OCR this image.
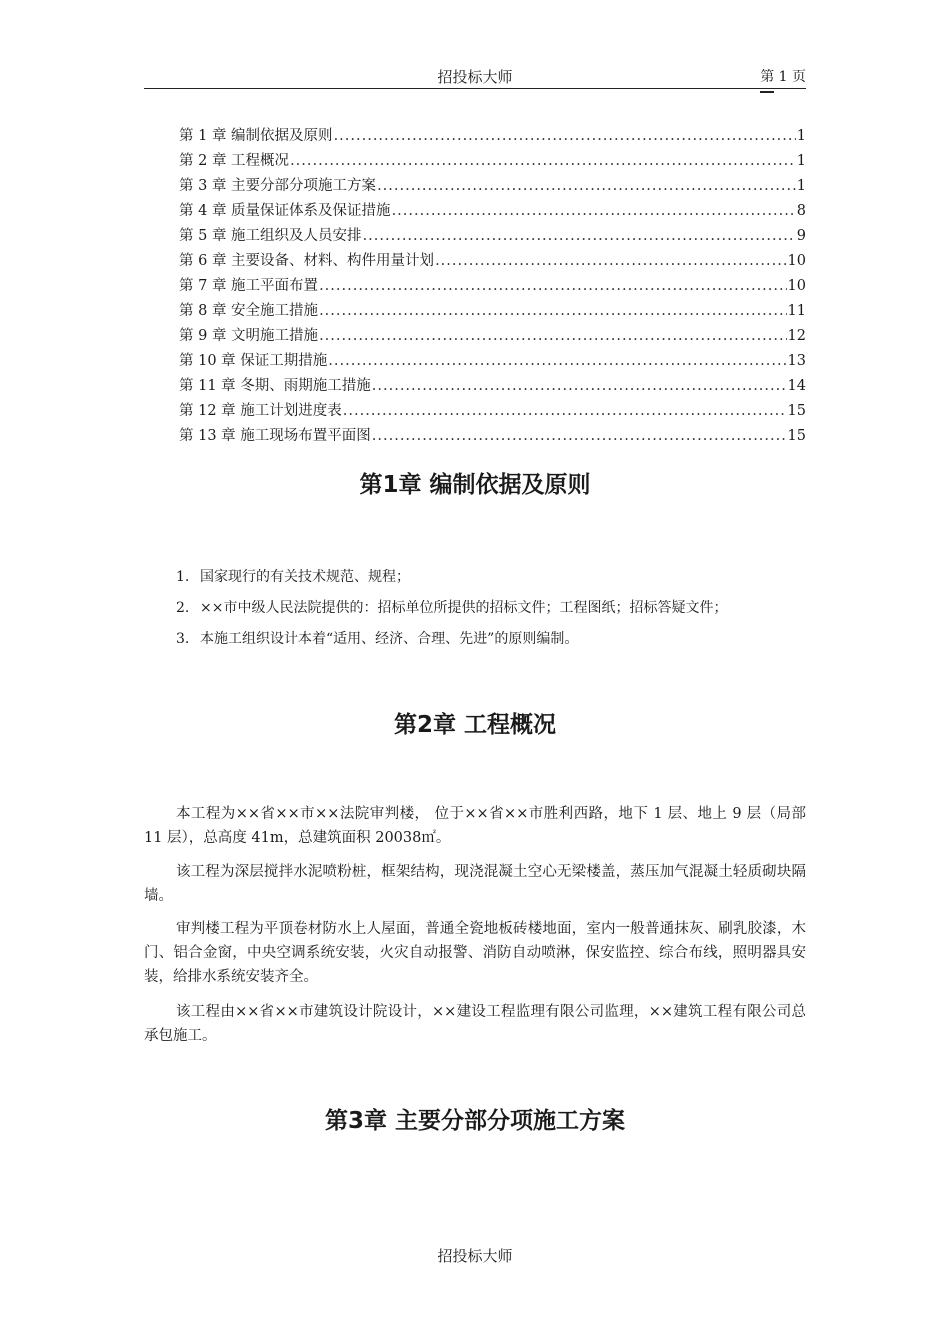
招投标大师	第 1 页
第 1 章 编制依据及原则 .....	1
第 2 章 工程概况 .....	1
第 3 章 主要分部分项施工方案 .....	1
第 4 章 质量保证体系及保证措施 .....	8
第 5 章 施工组织及人员安排 .....	9
第 6 章 主要设备、材料、构件用量计划 .....	10
第 7 章 施工平面布置 .....	10
第 8 章 安全施工措施 .....	11
第 9 章 文明施工措施 .....	12
第 10 章 保证工期措施 .....	13
第 11 章 冬期、雨期施工措施 .....	14
第 12 章 施工计划进度表 .....	15
第 13 章 施工现场布置平面图 .....	15
第1章 编制依据及原则
1. 国家现行的有关技术规范、规程；
2. ××市中级人民法院提供的：招标单位所提供的招标文件；工程图纸；招标答疑文件；
3. 本施工组织设计本着“适用、经济、合理、先进”的原则编制。
第2章 工程概况
本工程为××省××市××法院审判楼， 位于××省××市胜利西路，地下 1 层、地上 9 层（局部 11 层），总高度 41m，总建筑面积 20038㎡。
该工程为深层搅拌水泥喷粉桩，框架结构，现浇混凝土空心无梁楼盖，蒸压加气混凝土轻质砌块隔墙。
审判楼工程为平顶卷材防水上人屋面，普通全瓷地板砖楼地面，室内一般普通抹灰、刷乳胶漆，木门、铝合金窗，中央空调系统安装，火灾自动报警、消防自动喷淋，保安监控、综合布线，照明器具安装，给排水系统安装齐全。
该工程由××省××市建筑设计院设计，××建设工程监理有限公司监理，××建筑工程有限公司总承包施工。
第3章 主要分部分项施工方案
招投标大师
